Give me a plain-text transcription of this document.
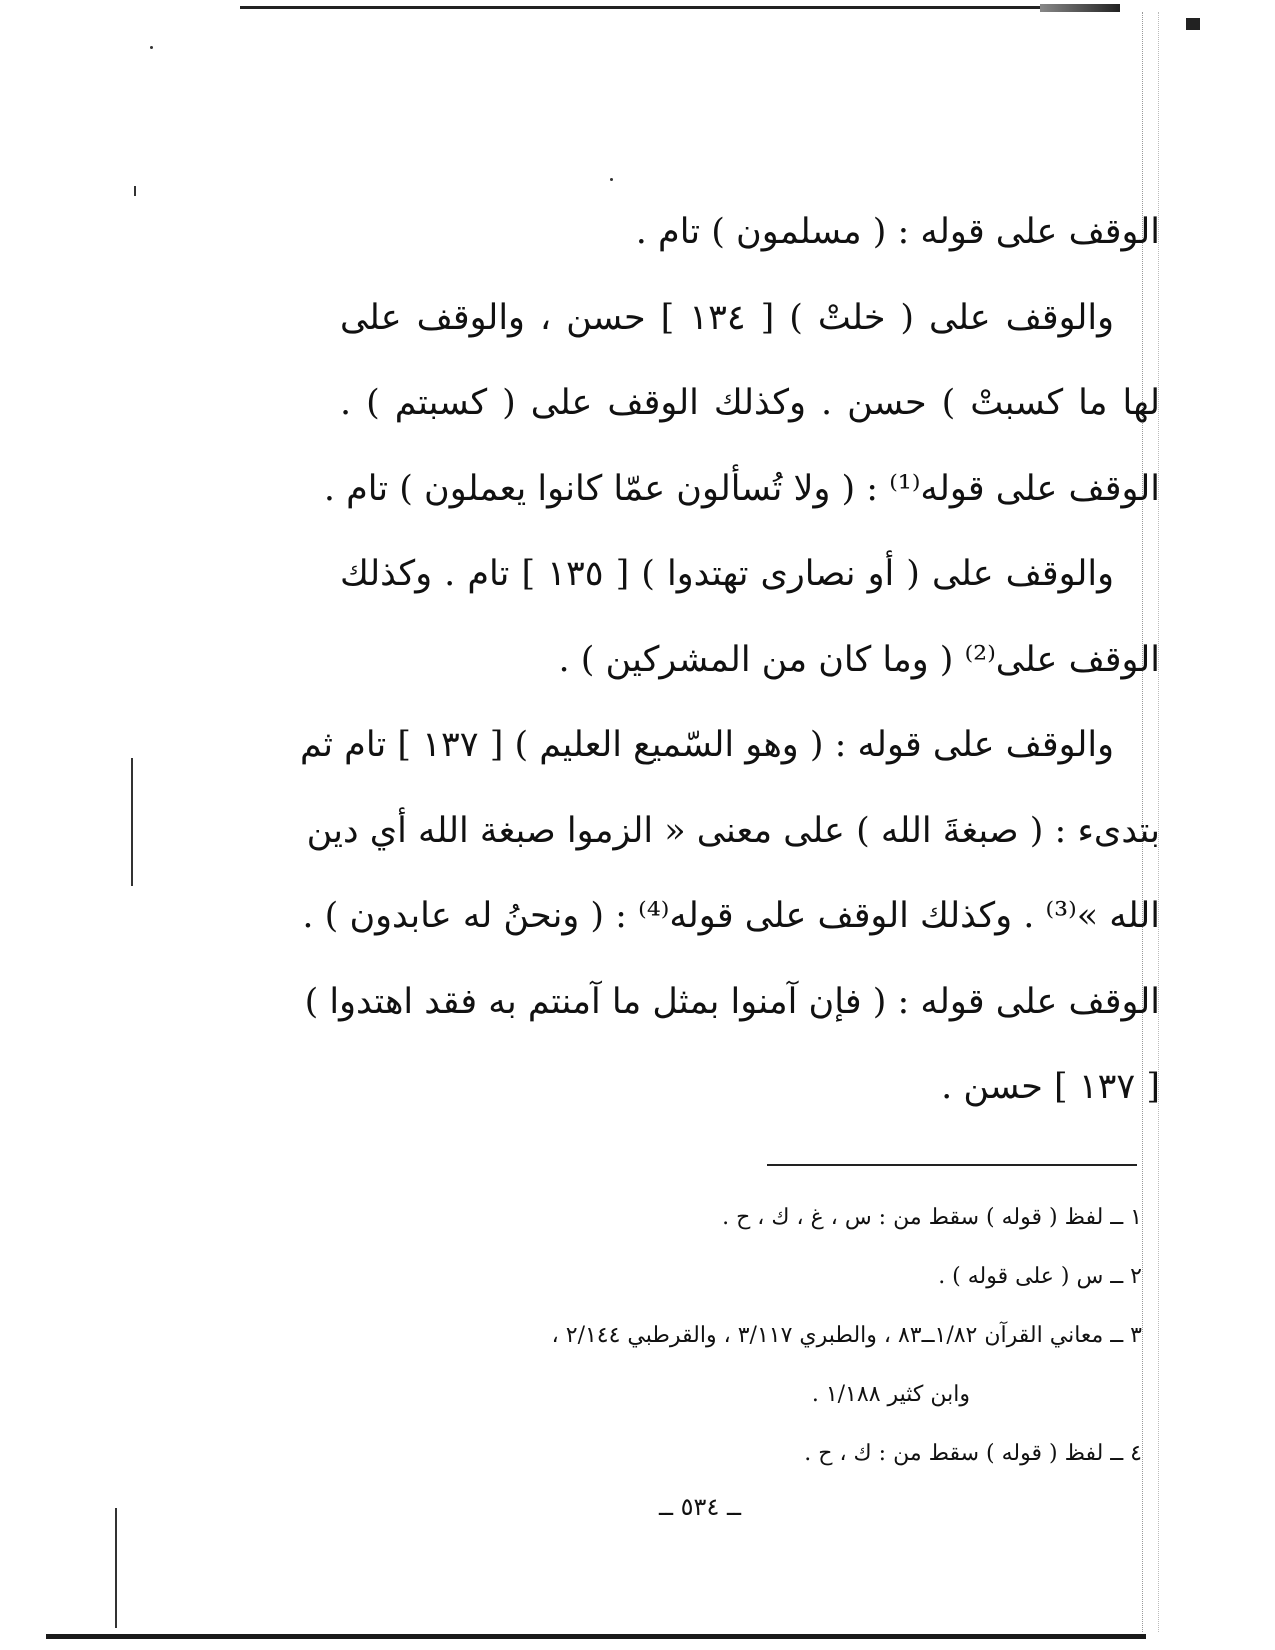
الوقف على قوله : ( مسلمون ) تام .
والوقف على ( خلتْ ) [ ١٣٤ ] حسن ، والوقف على
لها ما كسبتْ ) حسن . وكذلك الوقف على ( كسبتم ) .
الوقف على قوله⁽¹⁾ : ( ولا تُسألون عمّا كانوا يعملون ) تام .
والوقف على ( أو نصارى تهتدوا ) [ ١٣٥ ] تام . وكذلك
الوقف على⁽²⁾ ( وما كان من المشركين ) .
والوقف على قوله : ( وهو السّميع العليم ) [ ١٣٧ ] تام ثم
بتدىء : ( صبغةَ الله ) على معنى « الزموا صبغة الله أي دين
الله »⁽³⁾ . وكذلك الوقف على قوله⁽⁴⁾ : ( ونحنُ له عابدون ) .
الوقف على قوله : ( فإن آمنوا بمثل ما آمنتم به فقد اهتدوا )
[ ١٣٧ ] حسن .
١ ــ لفظ ( قوله ) سقط من : س ، غ ، ك ، ح .
٢ ــ س ( على قوله ) .
٣ ــ معاني القرآن ١/٨٢ــ٨٣ ، والطبري ٣/١١٧ ، والقرطبي ٢/١٤٤ ،
وابن كثير ١/١٨٨ .
٤ ــ لفظ ( قوله ) سقط من : ك ، ح .
ــ ٥٣٤ ــ
